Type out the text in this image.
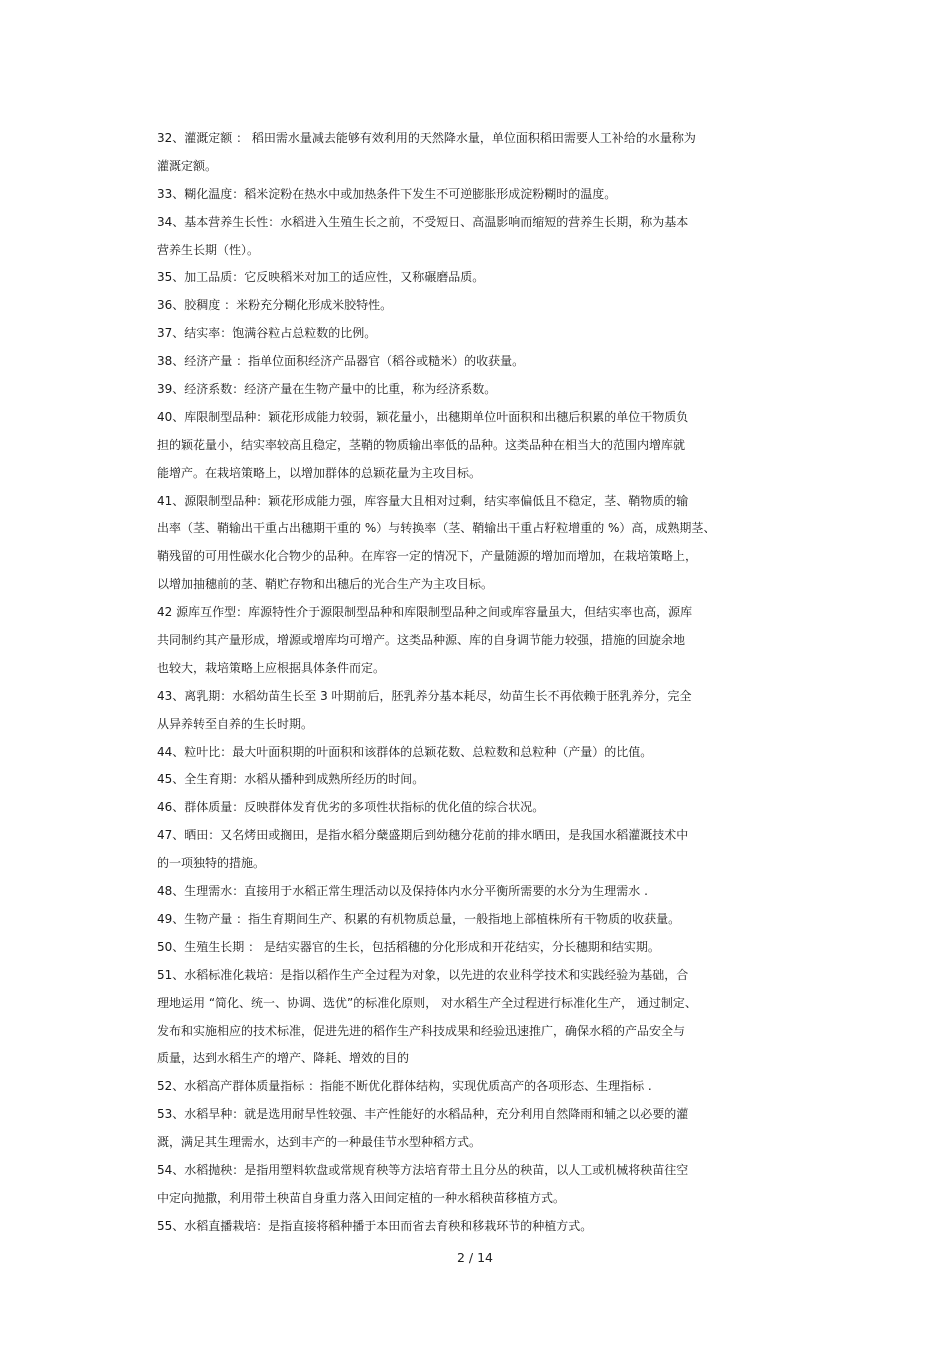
32、灌溉定额 ： 稻田需水量减去能够有效利用的天然降水量，单位面积稻田需要人工补给的水量称为
灌溉定额。
33、糊化温度：稻米淀粉在热水中或加热条件下发生不可逆膨胀形成淀粉糊时的温度。
34、基本营养生长性：水稻进入生殖生长之前，不受短日、高温影响而缩短的营养生长期，称为基本
营养生长期（性）。
35、加工品质：它反映稻米对加工的适应性，又称碾磨品质。
36、胶稠度 ：米粉充分糊化形成米胶特性。
37、结实率：饱满谷粒占总粒数的比例。
38、经济产量 ：指单位面积经济产品器官（稻谷或糙米）的收获量。
39、经济系数：经济产量在生物产量中的比重，称为经济系数。
40、库限制型品种：颖花形成能力较弱，颖花量小，出穗期单位叶面积和出穗后积累的单位干物质负
担的颖花量小，结实率较高且稳定，茎鞘的物质输出率低的品种。这类品种在相当大的范围内增库就
能增产。在栽培策略上，以增加群体的总颖花量为主攻目标。
41、源限制型品种：颖花形成能力强，库容量大且相对过剩，结实率偏低且不稳定，茎、鞘物质的输
出率（茎、鞘输出干重占出穗期干重的 %）与转换率（茎、鞘输出干重占籽粒增重的 %）高，成熟期茎、
鞘残留的可用性碳水化合物少的品种。在库容一定的情况下，产量随源的增加而增加，在栽培策略上，
以增加抽穗前的茎、鞘贮存物和出穗后的光合生产为主攻目标。
42 源库互作型：库源特性介于源限制型品种和库限制型品种之间或库容量虽大，但结实率也高，源库
共同制约其产量形成，增源或增库均可增产。这类品种源、库的自身调节能力较强，措施的回旋余地
也较大，栽培策略上应根据具体条件而定。
43、离乳期：水稻幼苗生长至 3 叶期前后，胚乳养分基本耗尽，幼苗生长不再依赖于胚乳养分，完全
从异养转至自养的生长时期。
44、粒叶比：最大叶面积期的叶面积和该群体的总颖花数、总粒数和总粒种（产量）的比值。
45、全生育期：水稻从播种到成熟所经历的时间。
46、群体质量：反映群体发育优劣的多项性状指标的优化值的综合状况。
47、晒田：又名烤田或搁田，是指水稻分蘖盛期后到幼穗分花前的排水晒田，是我国水稻灌溉技术中
的一项独特的措施。
48、生理需水：直接用于水稻正常生理活动以及保持体内水分平衡所需要的水分为生理需水 .
49、生物产量 ：指生育期间生产、积累的有机物质总量，一般指地上部植株所有干物质的收获量。
50、生殖生长期 ： 是结实器官的生长，包括稻穗的分化形成和开花结实，分长穗期和结实期。
51、水稻标准化栽培：是指以稻作生产全过程为对象，以先进的农业科学技术和实践经验为基础，合
理地运用 “简化、统一、协调、选优”的标准化原则， 对水稻生产全过程进行标准化生产， 通过制定、
发布和实施相应的技术标准，促进先进的稻作生产科技成果和经验迅速推广，确保水稻的产品安全与
质量，达到水稻生产的增产、降耗、增效的目的
52、水稻高产群体质量指标 ：指能不断优化群体结构，实现优质高产的各项形态、生理指标 .
53、水稻旱种：就是选用耐旱性较强、丰产性能好的水稻品种，充分利用自然降雨和辅之以必要的灌
溉，满足其生理需水，达到丰产的一种最佳节水型种稻方式。
54、水稻抛秧：是指用塑料软盘或常规育秧等方法培育带土且分丛的秧苗，以人工或机械将秧苗往空
中定向抛撒，利用带土秧苗自身重力落入田间定植的一种水稻秧苗移植方式。
55、水稻直播栽培：是指直接将稻种播于本田而省去育秧和移栽环节的种植方式。
2 / 14
